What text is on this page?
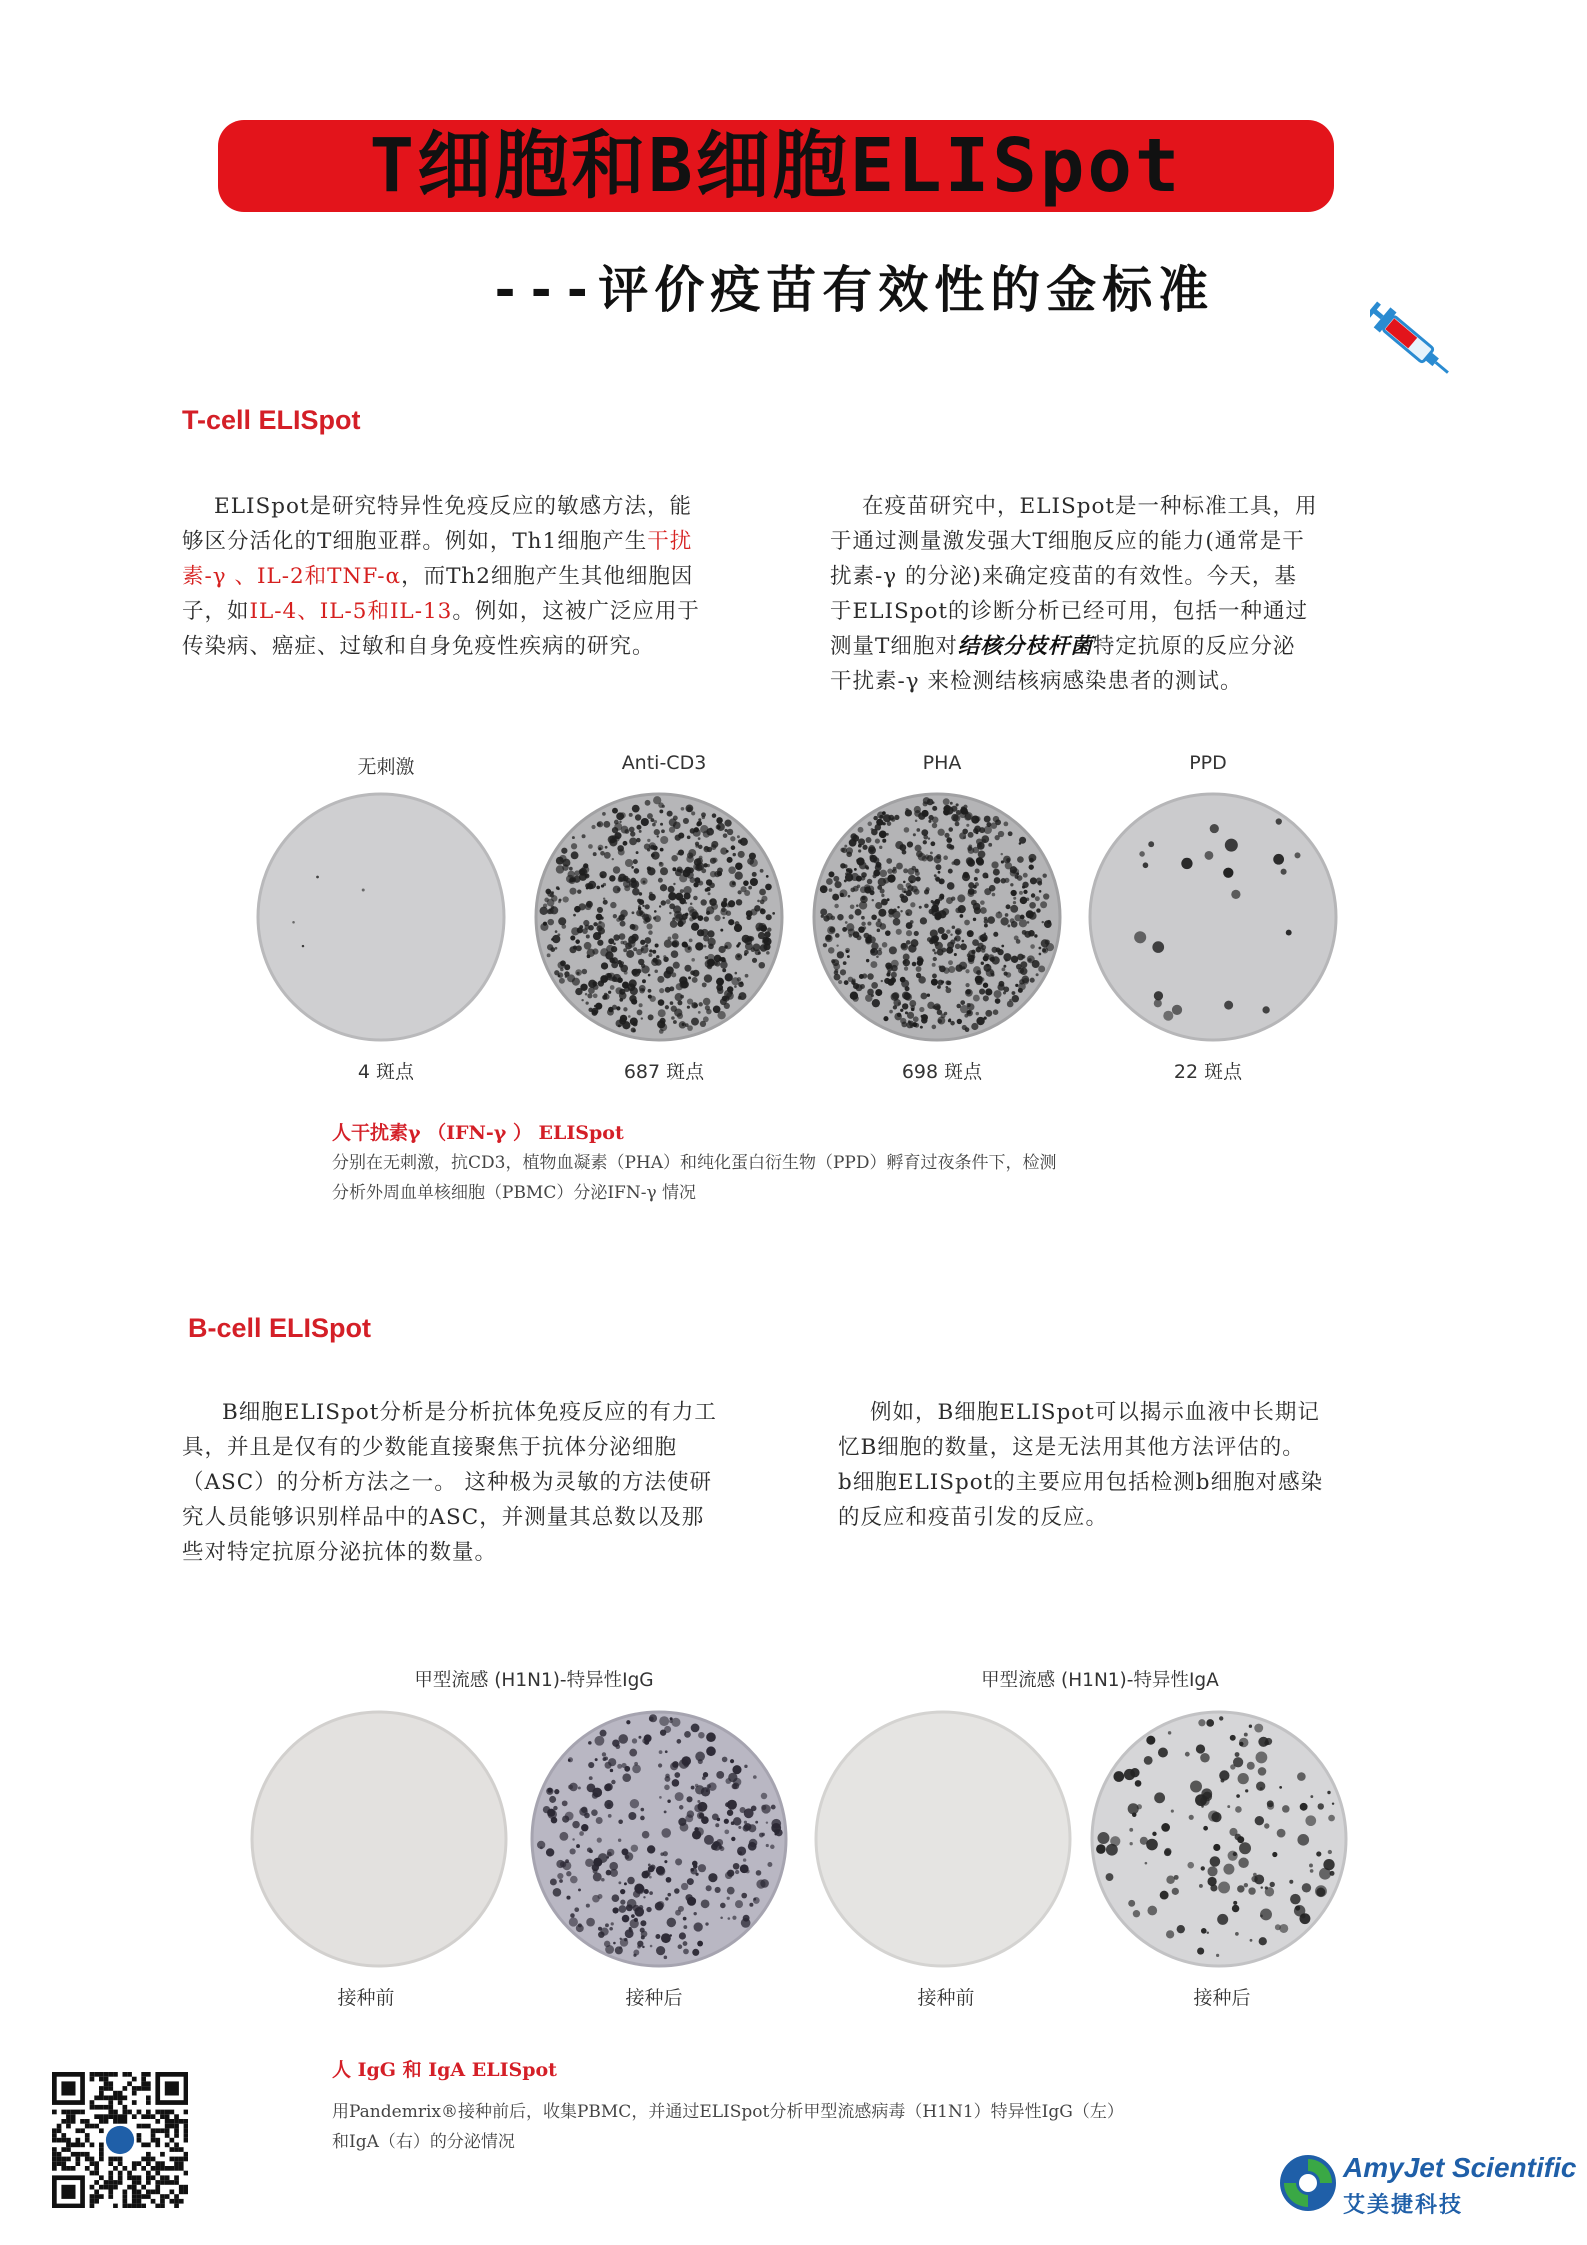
T细胞和B细胞ELISpot
---评价疫苗有效性的金标准
T-cell ELISpot
ELISpot是研究特异性免疫反应的敏感方法，能
够区分活化的T细胞亚群。例如，Th1细胞产生干扰
素-γ 、IL-2和TNF-α，而Th2细胞产生其他细胞因
子，如IL-4、IL-5和IL-13。例如，这被广泛应用于
传染病、癌症、过敏和自身免疫性疾病的研究。
在疫苗研究中，ELISpot是一种标准工具，用
于通过测量激发强大T细胞反应的能力(通常是干
扰素-γ 的分泌)来确定疫苗的有效性。今天，基
于ELISpot的诊断分析已经可用，包括一种通过
测量T细胞对结核分枝杆菌特定抗原的反应分泌
干扰素-γ 来检测结核病感染患者的测试。
无刺激	Anti-CD3	PHA	PPD
4 斑点	687 斑点	698 斑点	22 斑点
人干扰素γ （IFN-γ ） ELISpot
分别在无刺激，抗CD3，植物血凝素（PHA）和纯化蛋白衍生物（PPD）孵育过夜条件下，检测
分析外周血单核细胞（PBMC）分泌IFN-γ 情况
B-cell ELISpot
B细胞ELISpot分析是分析抗体免疫反应的有力工
具，并且是仅有的少数能直接聚焦于抗体分泌细胞
（ASC）的分析方法之一。 这种极为灵敏的方法使研
究人员能够识别样品中的ASC，并测量其总数以及那
些对特定抗原分泌抗体的数量。
例如，B细胞ELISpot可以揭示血液中长期记
忆B细胞的数量，这是无法用其他方法评估的。
b细胞ELISpot的主要应用包括检测b细胞对感染
的反应和疫苗引发的反应。
甲型流感 (H1N1)-特异性IgG	甲型流感 (H1N1)-特异性IgA
接种前	接种后	接种前	接种后
人 IgG 和 IgA ELISpot
用Pandemrix®接种前后，收集PBMC，并通过ELISpot分析甲型流感病毒（H1N1）特异性IgG（左）
和IgA（右）的分泌情况
AmyJet Scientific
艾美捷科技
